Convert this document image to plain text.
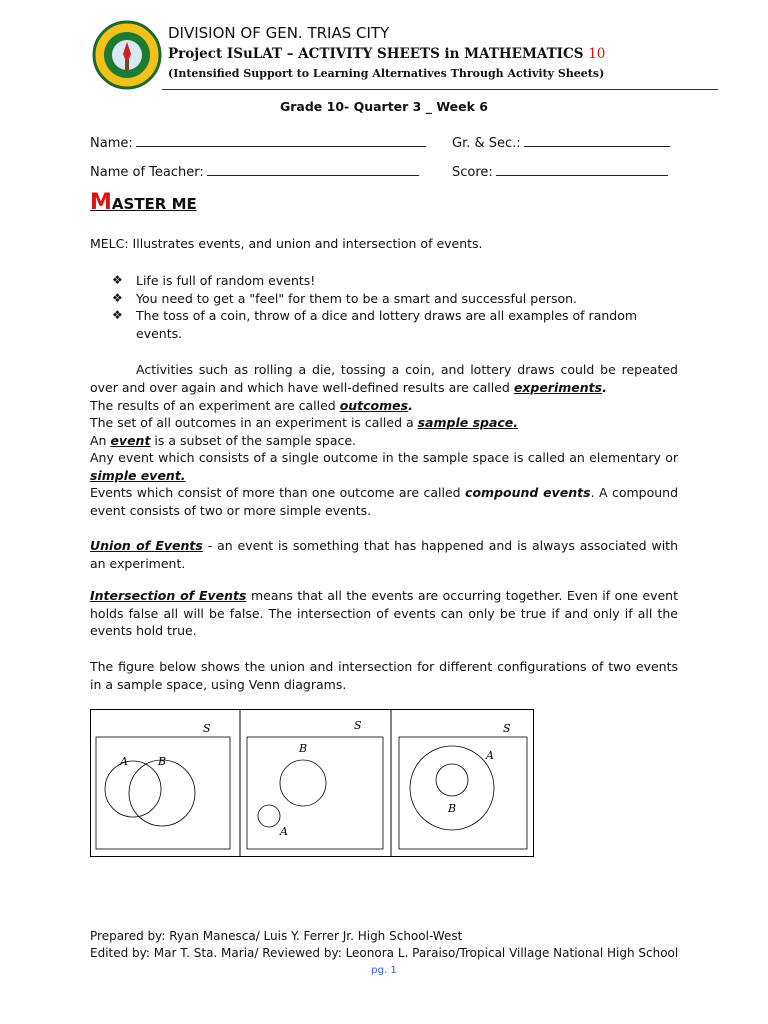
DIVISION OF GEN. TRIAS CITY
Project ISuLAT – ACTIVITY SHEETS in MATHEMATICS 10
(Intensified Support to Learning Alternatives Through Activity Sheets)
Grade 10- Quarter 3 _ Week 6
Name:	Gr. & Sec.:
Name of Teacher:	Score:
MASTER ME

MELC: Illustrates events, and union and intersection of events.

❖ Life is full of random events!
❖ You need to get a "feel" for them to be a smart and successful person.
❖ The toss of a coin, throw of a dice and lottery draws are all examples of random events.

Activities such as rolling a die, tossing a coin, and lottery draws could be repeated over and over again and which have well-defined results are called experiments.

The results of an experiment are called outcomes.

The set of all outcomes in an experiment is called a sample space.

An event is a subset of the sample space.

Any event which consists of a single outcome in the sample space is called an elementary or simple event.

Events which consist of more than one outcome are called compound events. A compound event consists of two or more simple events.

Union of Events - an event is something that has happened and is always associated with an experiment.

Intersection of Events means that all the events are occurring together. Even if one event holds false all will be false. The intersection of events can only be true if and only if all the events hold true.

The figure below shows the union and intersection for different configurations of two events in a sample space, using Venn diagrams.

S
A	B
S
B
A
S
A
B
Prepared by: Ryan Manesca/ Luis Y. Ferrer Jr. High School-West
Edited by: Mar T. Sta. Maria/ Reviewed by: Leonora L. Paraiso/Tropical Village National High School
pg. 1
